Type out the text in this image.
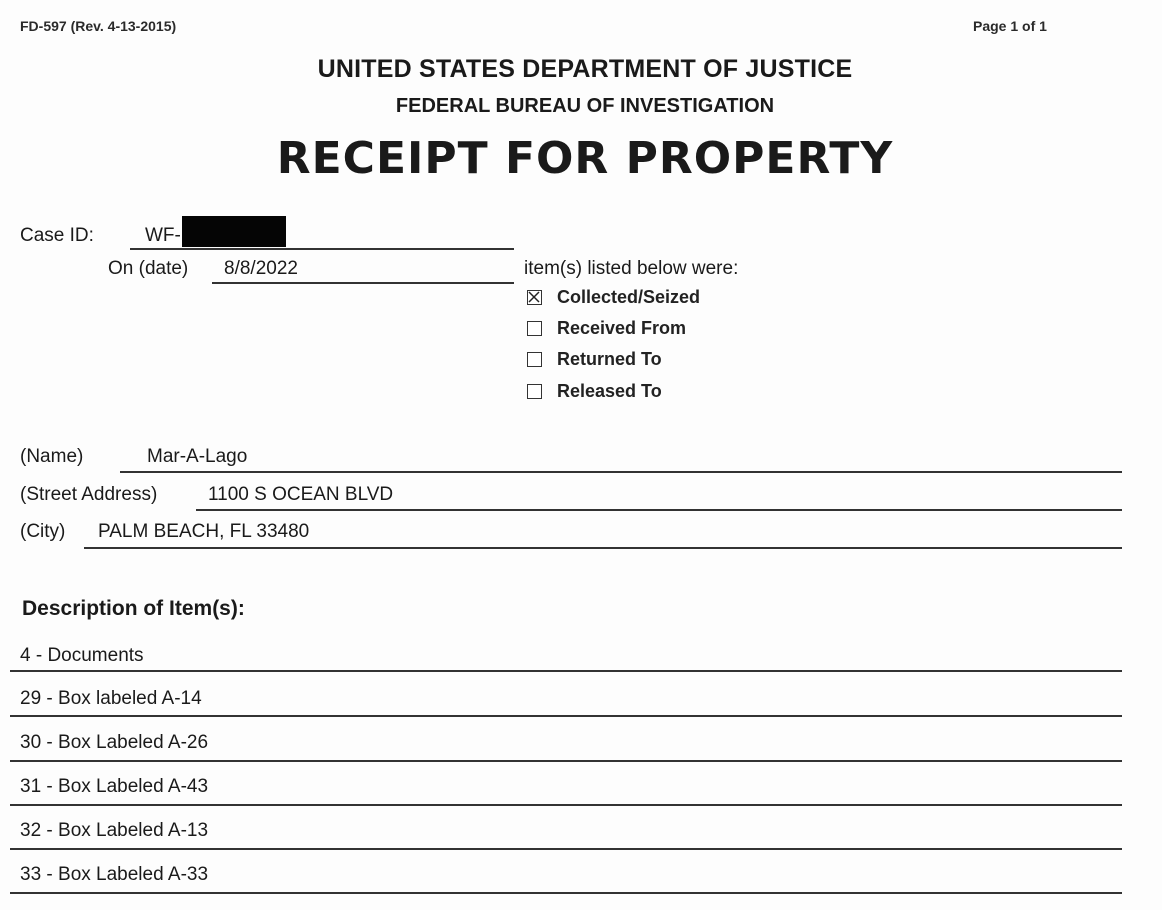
FD-597 (Rev. 4-13-2015)	Page 1 of 1
UNITED STATES DEPARTMENT OF JUSTICE
FEDERAL BUREAU OF INVESTIGATION
RECEIPT FOR PROPERTY
Case ID:	WF-
On (date) 8/8/2022	item(s) listed below were:
Collected/Seized
Received From
Returned To
Released To
(Name)	Mar-A-Lago
(Street Address)	1100 S OCEAN BLVD
(City) PALM BEACH, FL 33480
Description of Item(s):
4 - Documents
29 - Box labeled A-14
30 - Box Labeled A-26
31 - Box Labeled A-43
32 - Box Labeled A-13
33 - Box Labeled A-33
